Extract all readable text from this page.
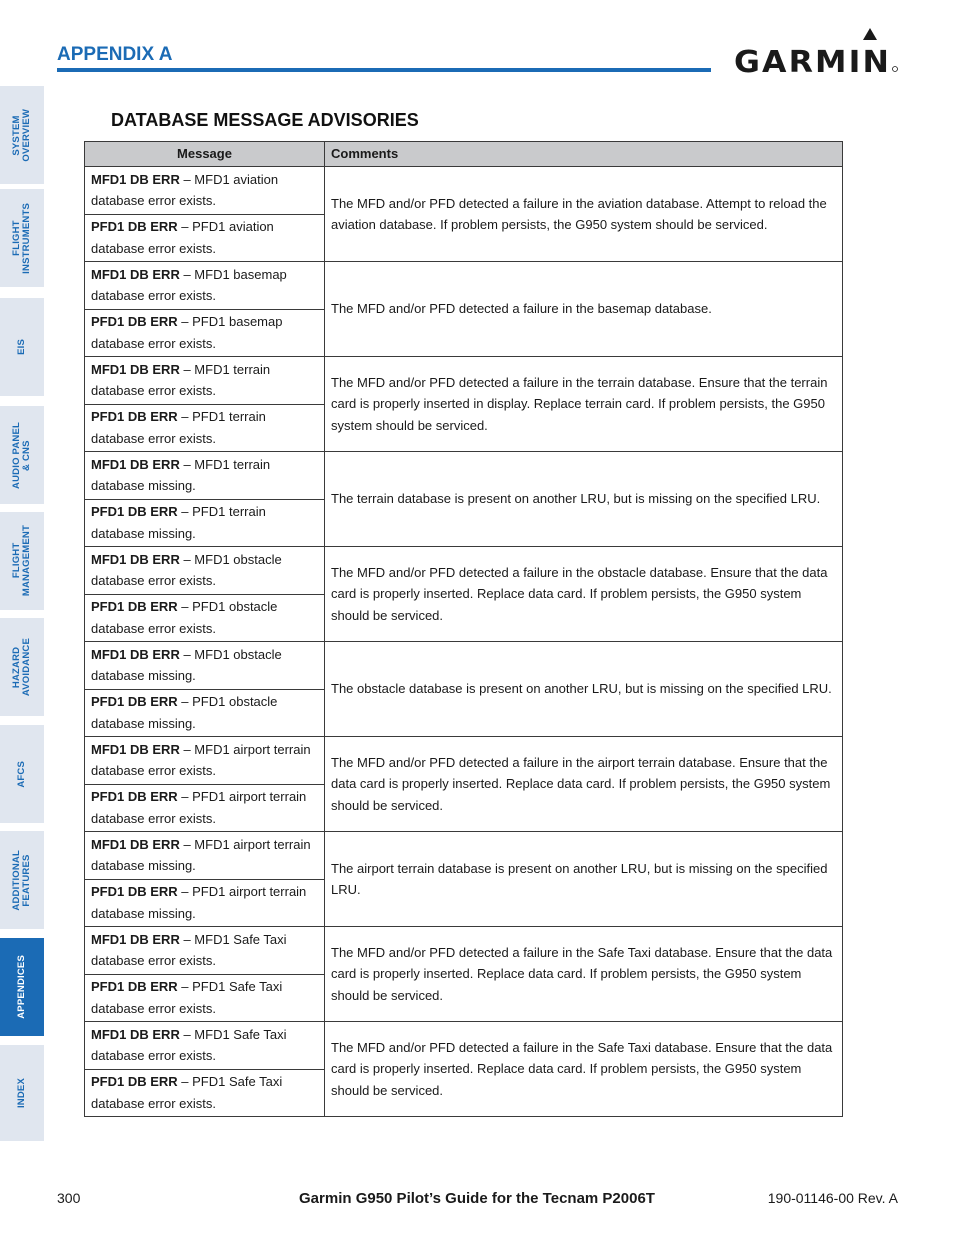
SYSTEM
OVERVIEW
FLIGHT
INSTRUMENTS
EIS
AUDIO PANEL
& CNS
FLIGHT
MANAGEMENT
HAZARD
AVOIDANCE
AFCS
ADDITIONAL
FEATURES
APPENDICES
INDEX
APPENDIX A	GARMIN
DATABASE MESSAGE ADVISORIES
Message	Comments
MFD1 DB ERR – MFD1 aviation database error exists.	The MFD and/or PFD detected a failure in the aviation database. Attempt to reload the aviation database. If problem persists, the G950 system should be serviced.
PFD1 DB ERR – PFD1 aviation database error exists.	
MFD1 DB ERR – MFD1 basemap database error exists.	The MFD and/or PFD detected a failure in the basemap database.
PFD1 DB ERR – PFD1 basemap database error exists.	
MFD1 DB ERR – MFD1 terrain database error exists.	The MFD and/or PFD detected a failure in the terrain database. Ensure that the terrain card is properly inserted in display. Replace terrain card. If problem persists, the G950 system should be serviced.
PFD1 DB ERR – PFD1 terrain database error exists.	
MFD1 DB ERR – MFD1 terrain database missing.	The terrain database is present on another LRU, but is missing on the specified LRU.
PFD1 DB ERR – PFD1 terrain database missing.	
MFD1 DB ERR – MFD1 obstacle database error exists.	The MFD and/or PFD detected a failure in the obstacle database. Ensure that the data card is properly inserted. Replace data card. If problem persists, the G950 system should be serviced.
PFD1 DB ERR – PFD1 obstacle database error exists.	
MFD1 DB ERR – MFD1 obstacle database missing.	The obstacle database is present on another LRU, but is missing on the specified LRU.
PFD1 DB ERR – PFD1 obstacle database missing.	
MFD1 DB ERR – MFD1 airport terrain database error exists.	The MFD and/or PFD detected a failure in the airport terrain database. Ensure that the data card is properly inserted. Replace data card. If problem persists, the G950 system should be serviced.
PFD1 DB ERR – PFD1 airport terrain database error exists.	
MFD1 DB ERR – MFD1 airport terrain database missing.	The airport terrain database is present on another LRU, but is missing on the specified LRU.
PFD1 DB ERR – PFD1 airport terrain database missing.	
MFD1 DB ERR – MFD1 Safe Taxi database error exists.	The MFD and/or PFD detected a failure in the Safe Taxi database. Ensure that the data card is properly inserted. Replace data card. If problem persists, the G950 system should be serviced.
PFD1 DB ERR – PFD1 Safe Taxi database error exists.	
MFD1 DB ERR – MFD1 Safe Taxi database error exists.	The MFD and/or PFD detected a failure in the Safe Taxi database. Ensure that the data card is properly inserted. Replace data card. If problem persists, the G950 system should be serviced.
PFD1 DB ERR – PFD1 Safe Taxi database error exists.	
300	Garmin G950 Pilot’s Guide for the Tecnam P2006T	190-01146-00 Rev. A
